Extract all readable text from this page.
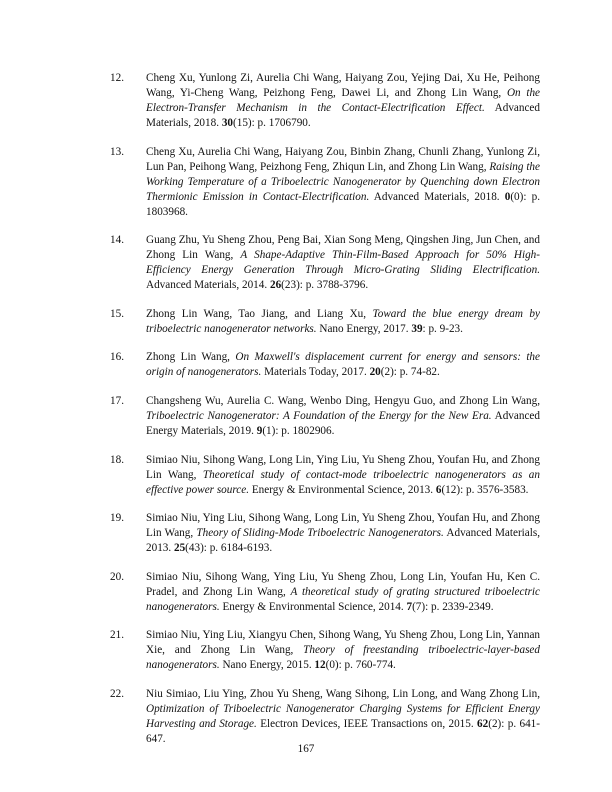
12. Cheng Xu, Yunlong Zi, Aurelia Chi Wang, Haiyang Zou, Yejing Dai, Xu He, Peihong Wang, Yi-Cheng Wang, Peizhong Feng, Dawei Li, and Zhong Lin Wang, On the Electron-Transfer Mechanism in the Contact-Electrification Effect. Advanced Materials, 2018. 30(15): p. 1706790.
13. Cheng Xu, Aurelia Chi Wang, Haiyang Zou, Binbin Zhang, Chunli Zhang, Yunlong Zi, Lun Pan, Peihong Wang, Peizhong Feng, Zhiqun Lin, and Zhong Lin Wang, Raising the Working Temperature of a Triboelectric Nanogenerator by Quenching down Electron Thermionic Emission in Contact-Electrification. Advanced Materials, 2018. 0(0): p. 1803968.
14. Guang Zhu, Yu Sheng Zhou, Peng Bai, Xian Song Meng, Qingshen Jing, Jun Chen, and Zhong Lin Wang, A Shape-Adaptive Thin-Film-Based Approach for 50% High-Efficiency Energy Generation Through Micro-Grating Sliding Electrification. Advanced Materials, 2014. 26(23): p. 3788-3796.
15. Zhong Lin Wang, Tao Jiang, and Liang Xu, Toward the blue energy dream by triboelectric nanogenerator networks. Nano Energy, 2017. 39: p. 9-23.
16. Zhong Lin Wang, On Maxwell's displacement current for energy and sensors: the origin of nanogenerators. Materials Today, 2017. 20(2): p. 74-82.
17. Changsheng Wu, Aurelia C. Wang, Wenbo Ding, Hengyu Guo, and Zhong Lin Wang, Triboelectric Nanogenerator: A Foundation of the Energy for the New Era. Advanced Energy Materials, 2019. 9(1): p. 1802906.
18. Simiao Niu, Sihong Wang, Long Lin, Ying Liu, Yu Sheng Zhou, Youfan Hu, and Zhong Lin Wang, Theoretical study of contact-mode triboelectric nanogenerators as an effective power source. Energy & Environmental Science, 2013. 6(12): p. 3576-3583.
19. Simiao Niu, Ying Liu, Sihong Wang, Long Lin, Yu Sheng Zhou, Youfan Hu, and Zhong Lin Wang, Theory of Sliding-Mode Triboelectric Nanogenerators. Advanced Materials, 2013. 25(43): p. 6184-6193.
20. Simiao Niu, Sihong Wang, Ying Liu, Yu Sheng Zhou, Long Lin, Youfan Hu, Ken C. Pradel, and Zhong Lin Wang, A theoretical study of grating structured triboelectric nanogenerators. Energy & Environmental Science, 2014. 7(7): p. 2339-2349.
21. Simiao Niu, Ying Liu, Xiangyu Chen, Sihong Wang, Yu Sheng Zhou, Long Lin, Yannan Xie, and Zhong Lin Wang, Theory of freestanding triboelectric-layer-based nanogenerators. Nano Energy, 2015. 12(0): p. 760-774.
22. Niu Simiao, Liu Ying, Zhou Yu Sheng, Wang Sihong, Lin Long, and Wang Zhong Lin, Optimization of Triboelectric Nanogenerator Charging Systems for Efficient Energy Harvesting and Storage. Electron Devices, IEEE Transactions on, 2015. 62(2): p. 641-647.
167
